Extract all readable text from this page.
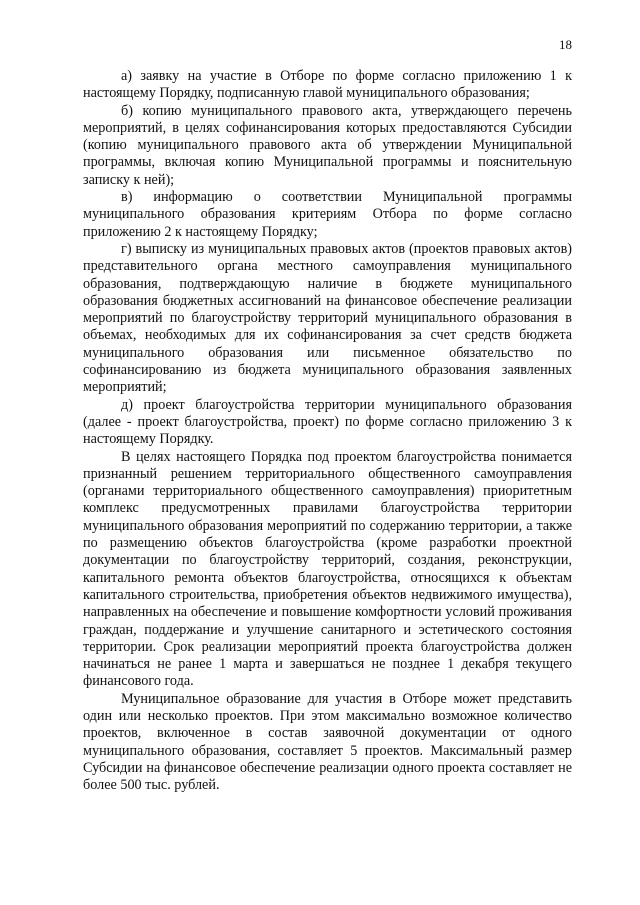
18

а) заявку на участие в Отборе по форме согласно приложению 1 к настоящему Порядку, подписанную главой муниципального образования;

б) копию муниципального правового акта, утверждающего перечень мероприятий, в целях софинансирования которых предоставляются Субсидии (копию муниципального правового акта об утверждении Муниципальной программы, включая копию Муниципальной программы и пояснительную записку к ней);

в) информацию о соответствии Муниципальной программы муниципального образования критериям Отбора по форме согласно приложению 2 к настоящему Порядку;

г) выписку из муниципальных правовых актов (проектов правовых актов) представительного органа местного самоуправления муниципального образования, подтверждающую наличие в бюджете муниципального образования бюджетных ассигнований на финансовое обеспечение реализации мероприятий по благоустройству территорий муниципального образования в объемах, необходимых для их софинансирования за счет средств бюджета муниципального образования или письменное обязательство по софинансированию из бюджета муниципального образования заявленных мероприятий;

д) проект благоустройства территории муниципального образования (далее - проект благоустройства, проект) по форме согласно приложению 3 к настоящему Порядку.

В целях настоящего Порядка под проектом благоустройства понимается признанный решением территориального общественного самоуправления (органами территориального общественного самоуправления) приоритетным комплекс предусмотренных правилами благоустройства территории муниципального образования мероприятий по содержанию территории, а также по размещению объектов благоустройства (кроме разработки проектной документации по благоустройству территорий, создания, реконструкции, капитального ремонта объектов благоустройства, относящихся к объектам капитального строительства, приобретения объектов недвижимого имущества), направленных на обеспечение и повышение комфортности условий проживания граждан, поддержание и улучшение санитарного и эстетического состояния территории. Срок реализации мероприятий проекта благоустройства должен начинаться не ранее 1 марта и завершаться не позднее 1 декабря текущего финансового года.

Муниципальное образование для участия в Отборе может представить один или несколько проектов. При этом максимально возможное количество проектов, включенное в состав заявочной документации от одного муниципального образования, составляет 5 проектов. Максимальный размер Субсидии на финансовое обеспечение реализации одного проекта составляет не более 500 тыс. рублей.
